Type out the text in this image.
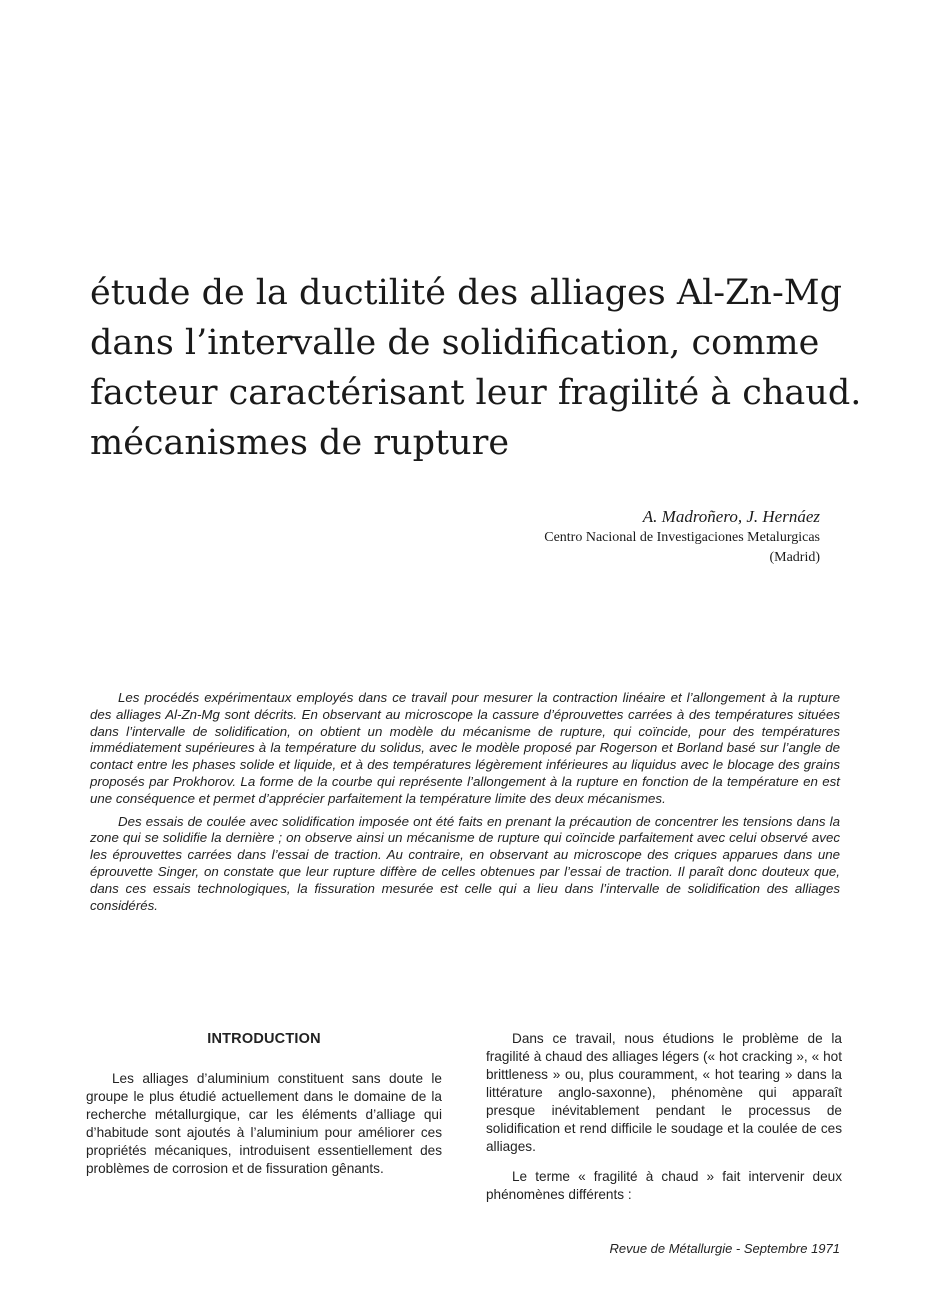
étude de la ductilité des alliages Al-Zn-Mg
dans l’intervalle de solidification, comme
facteur caractérisant leur fragilité à chaud.
mécanismes de rupture
A. Madroñero, J. Hernáez
Centro Nacional de Investigaciones Metalurgicas
(Madrid)

Les procédés expérimentaux employés dans ce travail pour mesurer la contraction linéaire et l’allongement à la rupture des alliages Al-Zn-Mg sont décrits. En observant au microscope la cassure d’éprouvettes carrées à des températures situées dans l’intervalle de solidification, on obtient un modèle du mécanisme de rupture, qui coïncide, pour des températures immédiatement supérieures à la température du solidus, avec le modèle proposé par Rogerson et Borland basé sur l’angle de contact entre les phases solide et liquide, et à des températures légèrement inférieures au liquidus avec le blocage des grains proposés par Prokhorov. La forme de la courbe qui représente l’allongement à la rupture en fonction de la température en est une conséquence et permet d’apprécier parfaitement la température limite des deux mécanismes.

Des essais de coulée avec solidification imposée ont été faits en prenant la précaution de concentrer les tensions dans la zone qui se solidifie la dernière ; on observe ainsi un mécanisme de rupture qui coïncide parfaitement avec celui observé avec les éprouvettes carrées dans l’essai de traction. Au contraire, en observant au microscope des criques apparues dans une éprouvette Singer, on constate que leur rupture diffère de celles obtenues par l’essai de traction. Il paraît donc douteux que, dans ces essais technologiques, la fissuration mesurée est celle qui a lieu dans l’intervalle de solidification des alliages considérés.

INTRODUCTION

Les alliages d’aluminium constituent sans doute le groupe le plus étudié actuellement dans le domaine de la recherche métallurgique, car les éléments d’alliage qui d’habitude sont ajoutés à l’aluminium pour améliorer ces propriétés mécaniques, introduisent essentiellement des problèmes de corrosion et de fissuration gênants.

Dans ce travail, nous étudions le problème de la fragilité à chaud des alliages légers (« hot cracking », « hot brittleness » ou, plus couramment, « hot tearing » dans la littérature anglo-saxonne), phénomène qui apparaît presque inévitablement pendant le processus de solidification et rend difficile le soudage et la coulée de ces alliages.

Le terme « fragilité à chaud » fait intervenir deux phénomènes différents :

Revue de Métallurgie - Septembre 1971
